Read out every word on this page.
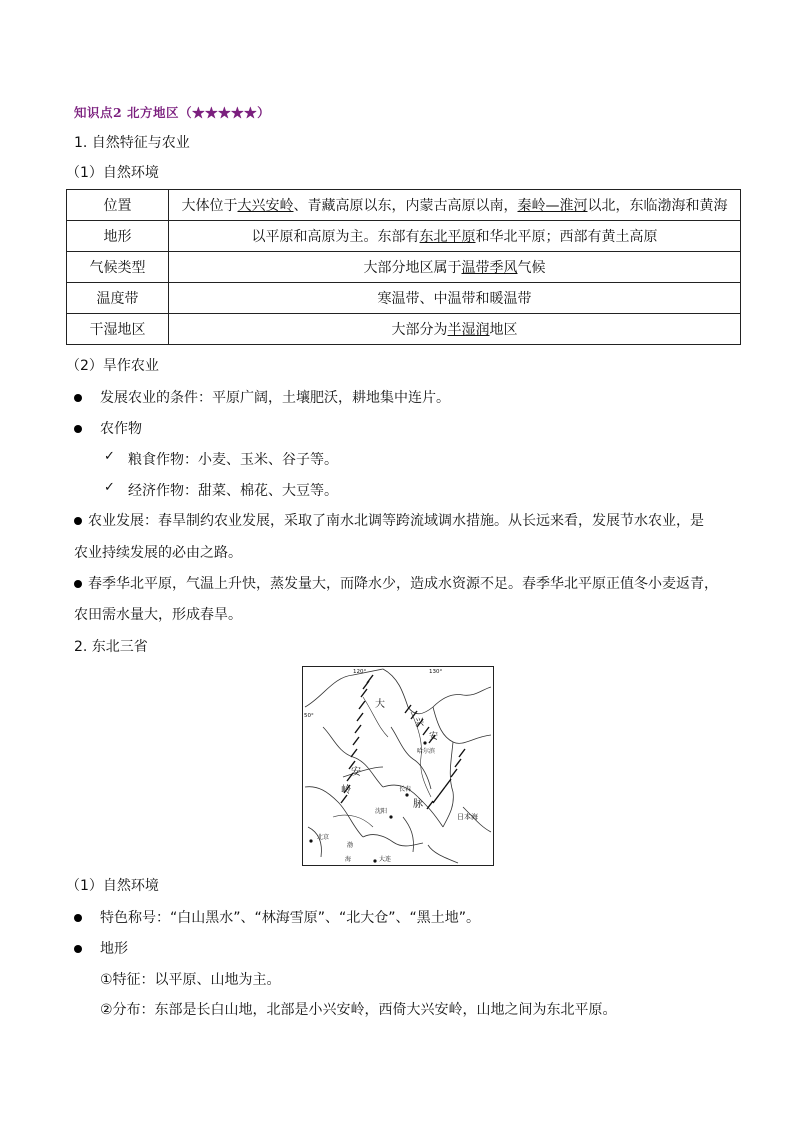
知识点2 北方地区（★★★★★）
1. 自然特征与农业
（1）自然环境
位置	大体位于大兴安岭、青藏高原以东，内蒙古高原以南，秦岭—淮河以北，东临渤海和黄海
地形	以平原和高原为主。东部有东北平原和华北平原；西部有黄土高原
气候类型	大部分地区属于温带季风气候
温度带	寒温带、中温带和暖温带
干湿地区	大部分为半湿润地区
（2）旱作农业
发展农业的条件：平原广阔，土壤肥沃，耕地集中连片。
农作物
✓ 粮食作物：小麦、玉米、谷子等。
✓ 经济作物：甜菜、棉花、大豆等。
农业发展：春旱制约农业发展，采取了南水北调等跨流域调水措施。从长远来看，发展节水农业，是
农业持续发展的必由之路。
春季华北平原，气温上升快，蒸发量大，而降水少，造成水资源不足。春季华北平原正值冬小麦返青，
农田需水量大，形成春旱。
2. 东北三省
120°	130°
50°
大
安
岭
兴
安
哈尔滨
长春
沈阳
脉
日本海
渤
海	大连
北京
（1）自然环境
特色称号：“白山黑水”、“林海雪原”、“北大仓”、“黑土地”。
地形
①特征：以平原、山地为主。
②分布：东部是长白山地，北部是小兴安岭，西倚大兴安岭，山地之间为东北平原。
